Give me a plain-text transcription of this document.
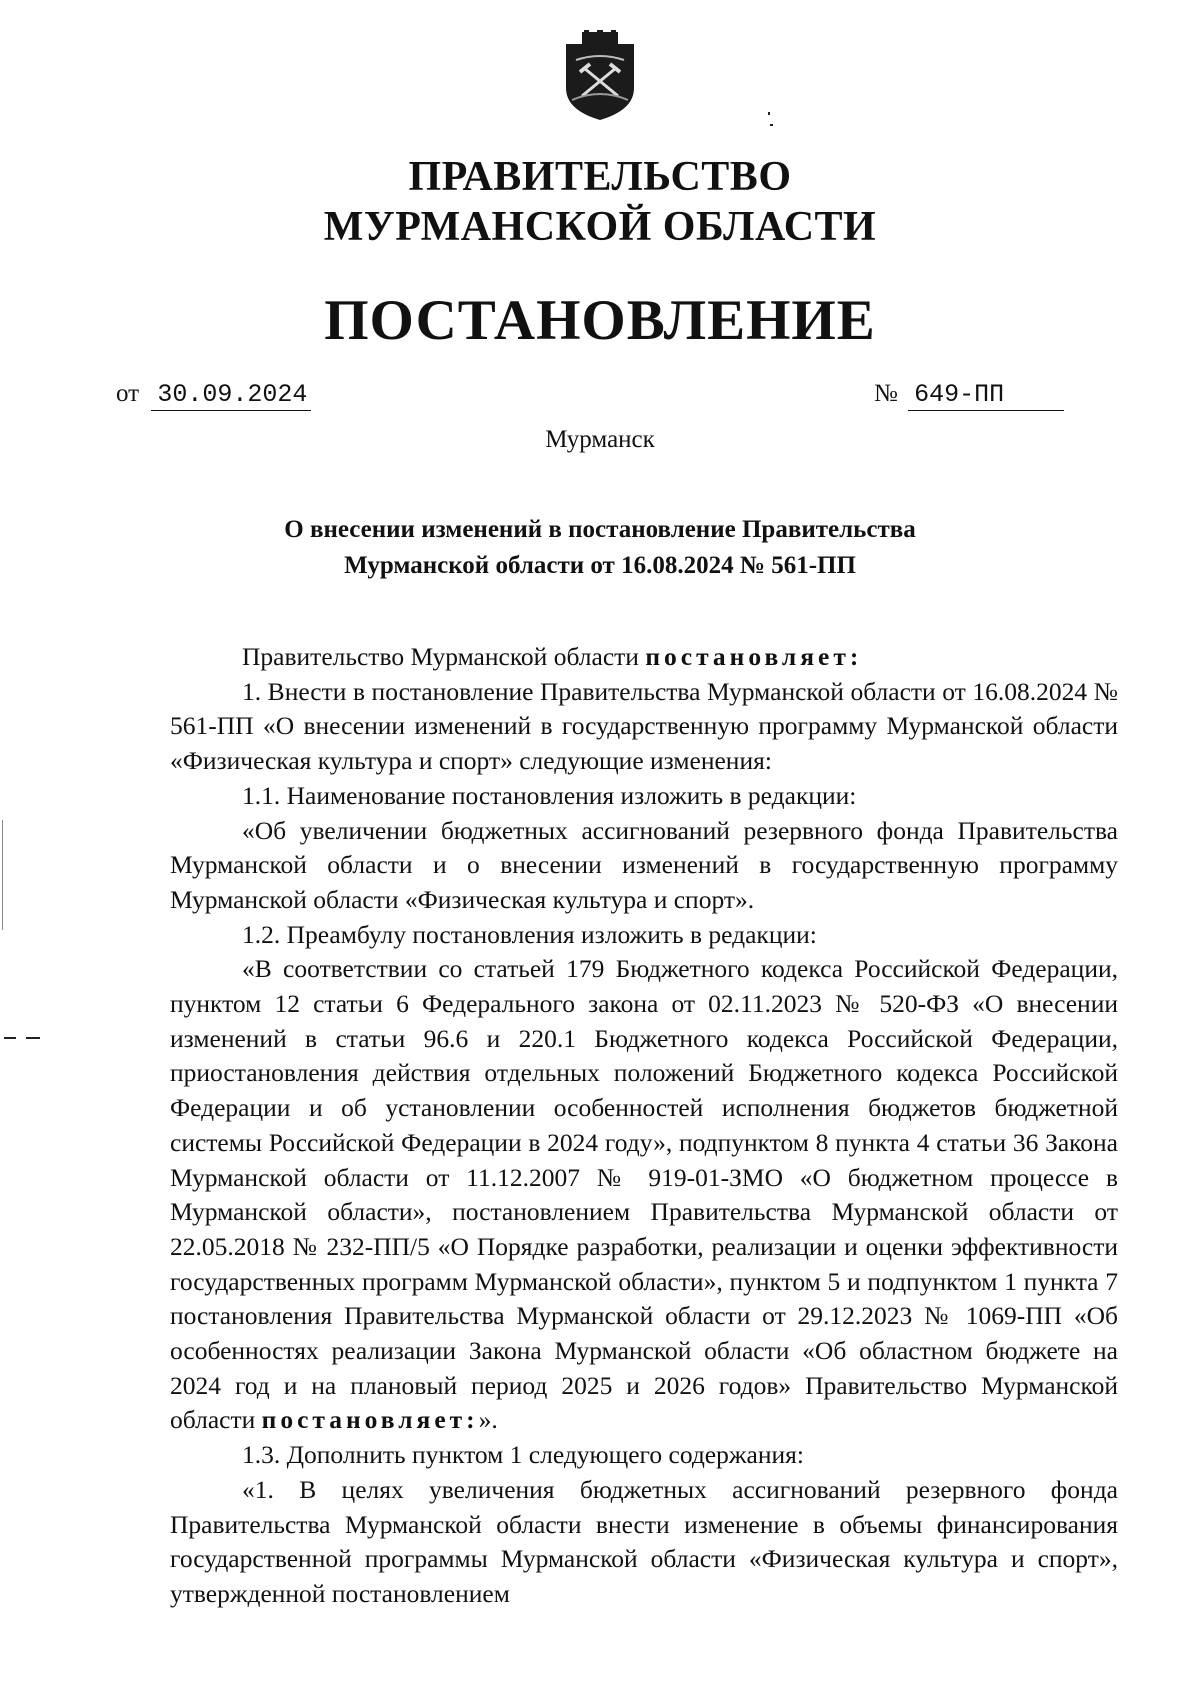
ПРАВИТЕЛЬСТВО
МУРМАНСКОЙ ОБЛАСТИ
ПОСТАНОВЛЕНИЕ
от 30.09.2024	№ 649-ПП
Мурманск
О внесении изменений в постановление Правительства
Мурманской области от 16.08.2024 № 561-ПП

Правительство Мурманской области постановляет:

1. Внести в постановление Правительства Мурманской области от 16.08.2024 № 561-ПП «О внесении изменений в государственную программу Мурманской области «Физическая культура и спорт» следующие изменения:

1.1. Наименование постановления изложить в редакции:

«Об увеличении бюджетных ассигнований резервного фонда Правительства Мурманской области и о внесении изменений в государственную программу Мурманской области «Физическая культура и спорт».

1.2. Преамбулу постановления изложить в редакции:

«В соответствии со статьей 179 Бюджетного кодекса Российской Федерации, пунктом 12 статьи 6 Федерального закона от 02.11.2023 № 520-ФЗ «О внесении изменений в статьи 96.6 и 220.1 Бюджетного кодекса Российской Федерации, приостановления действия отдельных положений Бюджетного кодекса Российской Федерации и об установлении особенностей исполнения бюджетов бюджетной системы Российской Федерации в 2024 году», подпунктом 8 пункта 4 статьи 36 Закона Мурманской области от 11.12.2007 № 919-01-ЗМО «О бюджетном процессе в Мурманской области», постановлением Правительства Мурманской области от 22.05.2018 № 232-ПП/5 «О Порядке разработки, реализации и оценки эффективности государственных программ Мурманской области», пунктом 5 и подпунктом 1 пункта 7 постановления Правительства Мурманской области от 29.12.2023 № 1069-ПП «Об особенностях реализации Закона Мурманской области «Об областном бюджете на 2024 год и на плановый период 2025 и 2026 годов» Правительство Мурманской области постановляет:».

1.3. Дополнить пунктом 1 следующего содержания:

«1. В целях увеличения бюджетных ассигнований резервного фонда Правительства Мурманской области внести изменение в объемы финансирования государственной программы Мурманской области «Физическая культура и спорт», утвержденной постановлением
